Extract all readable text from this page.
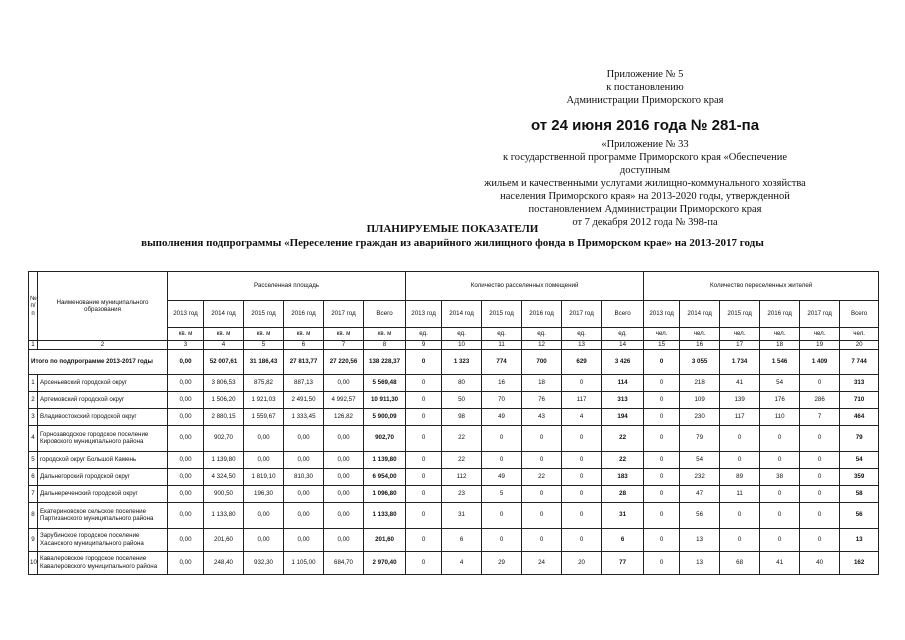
Приложение № 5
к постановлению
Администрации Приморского края
от 24 июня 2016 года № 281-па
«Приложение № 33
к государственной программе Приморского края «Обеспечение доступным
жильем и качественными услугами жилищно-коммунального хозяйства
населения Приморского края» на 2013-2020 годы, утвержденной
постановлением Администрации Приморского края
от 7 декабря 2012 года № 398-па
ПЛАНИРУЕМЫЕ ПОКАЗАТЕЛИ
выполнения подпрограммы «Переселение граждан из аварийного жилищного фонда в Приморском крае» на 2013-2017 годы
№ п/п	Наименование муниципального образования	Расселенная площадь						Количество расселенных помещений						Количество переселенных жителей					
		2013 год	2014 год	2015 год	2016 год	2017 год	Всего	2013 год	2014 год	2015 год	2016 год	2017 год	Всего	2013 год	2014 год	2015 год	2016 год	2017 год	Всего
		кв. м	кв. м	кв. м	кв. м	кв. м	кв. м	ед.	ед.	ед.	ед.	ед.	ед.	чел.	чел.	чел.	чел.	чел.	чел.
1	2	3	4	5	6	7	8	9	10	11	12	13	14	15	16	17	18	19	20
Итого по подпрограмме 2013-2017 годы		0,00	52 007,61	31 186,43	27 813,77	27 220,56	138 228,37	0	1 323	774	700	629	3 426	0	3 055	1 734	1 546	1 409	7 744
1	Арсеньевский городской округ	0,00	3 806,53	875,82	887,13	0,00	5 569,48	0	80	16	18	0	114	0	218	41	54	0	313
2	Артемовский городской округ	0,00	1 506,20	1 921,03	2 491,50	4 992,57	10 911,30	0	50	70	76	117	313	0	109	139	176	286	710
3	Владивостокский городской округ	0,00	2 880,15	1 559,67	1 333,45	126,82	5 900,09	0	98	49	43	4	194	0	230	117	110	7	464
4	Горнозаводское городское поселение Кировского муниципального района	0,00	902,70	0,00	0,00	0,00	902,70	0	22	0	0	0	22	0	79	0	0	0	79
5	городской округ Большой Камень	0,00	1 139,80	0,00	0,00	0,00	1 139,80	0	22	0	0	0	22	0	54	0	0	0	54
6	Дальнегорский городской округ	0,00	4 324,50	1 819,10	810,30	0,00	6 954,00	0	112	49	22	0	183	0	232	89	38	0	359
7	Дальнереченский городской округ	0,00	900,50	196,30	0,00	0,00	1 096,80	0	23	5	0	0	28	0	47	11	0	0	58
8	Екатериновское сельское поселение Партизанского муниципального района	0,00	1 133,80	0,00	0,00	0,00	1 133,80	0	31	0	0	0	31	0	56	0	0	0	56
9	Зарубинское городское поселение Хасанского муниципального района	0,00	201,60	0,00	0,00	0,00	201,60	0	6	0	0	0	6	0	13	0	0	0	13
10	Кавалеровское городское поселение Кавалеровского муниципального района	0,00	248,40	932,30	1 105,00	684,70	2 970,40	0	4	29	24	20	77	0	13	68	41	40	162
